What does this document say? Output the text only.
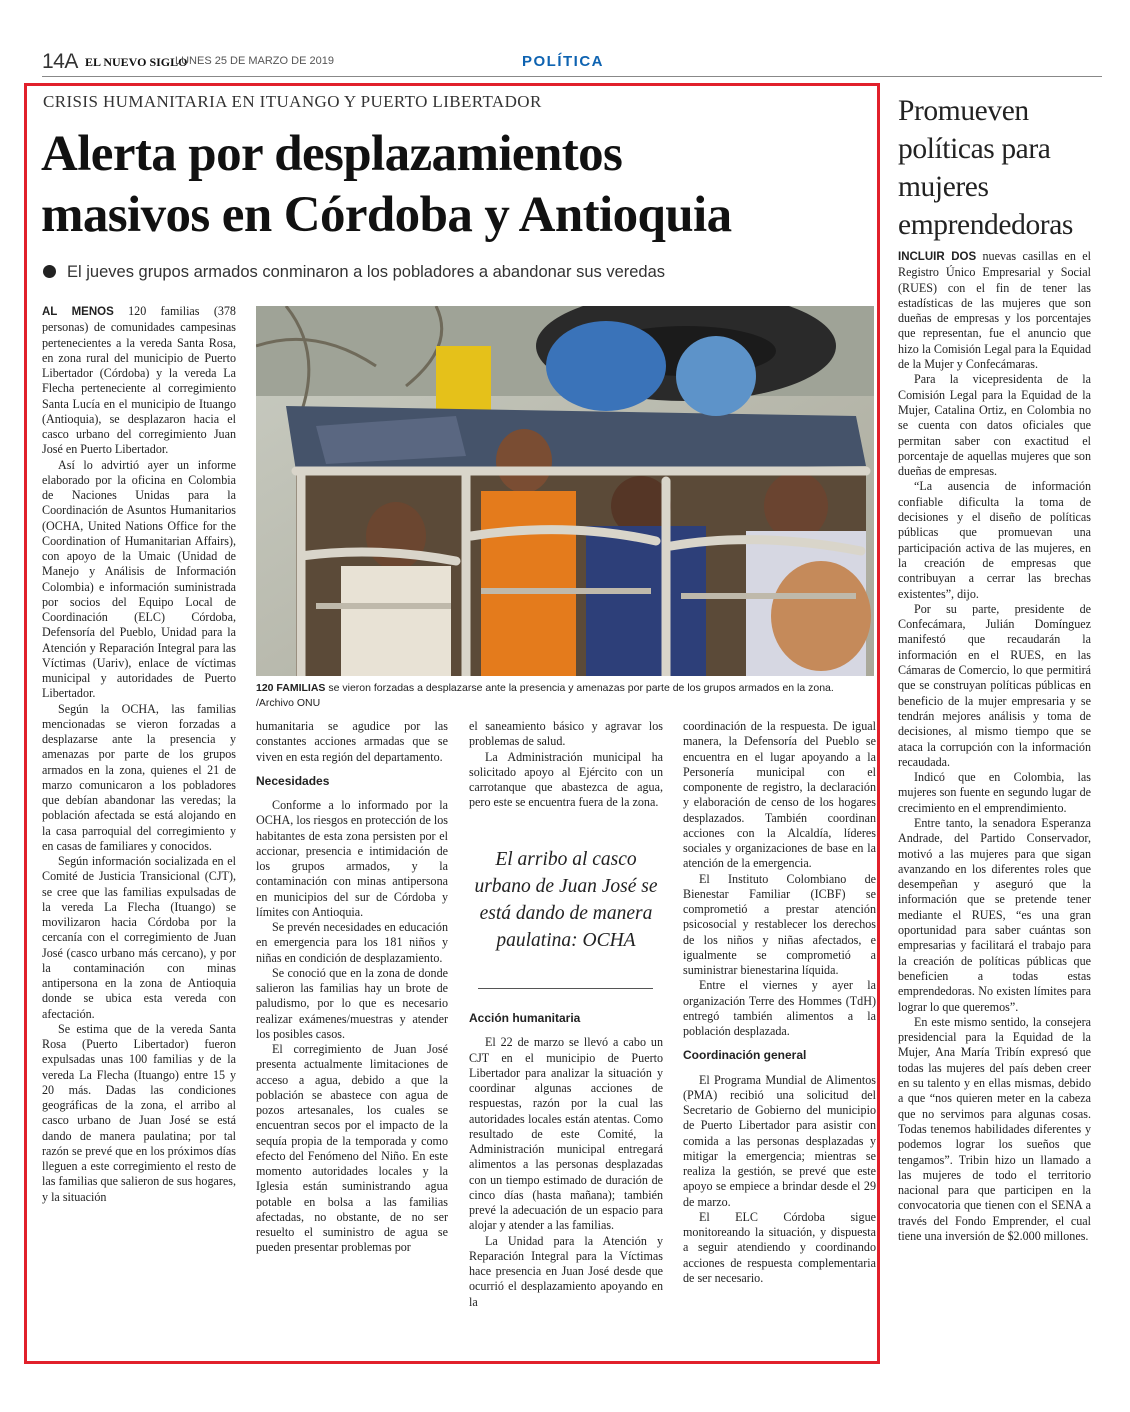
14A EL NUEVO SIGLO
LUNES 25 DE MARZO DE 2019	POLÍTICA
CRISIS HUMANITARIA EN ITUANGO Y PUERTO LIBERTADOR
Alerta por desplazamientos
masivos en Córdoba y Antioquia
El jueves grupos armados conminaron a los pobladores a abandonar sus veredas

AL MENOS 120 familias (378 personas) de comunidades campesinas pertenecientes a la vereda Santa Rosa, en zona rural del municipio de Puerto Libertador (Córdoba) y la vereda La Flecha perteneciente al corregimiento Santa Lucía en el municipio de Ituango (Antioquia), se desplazaron hacia el casco urbano del corregimiento Juan José en Puerto Libertador.

Así lo advirtió ayer un informe elaborado por la oficina en Colombia de Naciones Unidas para la Coordinación de Asuntos Humanitarios (OCHA, United Nations Office for the Coordination of Humanitarian Affairs), con apoyo de la Umaic (Unidad de Manejo y Análisis de Información Colombia) e información suministrada por socios del Equipo Local de Coordinación (ELC) Córdoba, Defensoría del Pueblo, Unidad para la Atención y Reparación Integral para las Víctimas (Uariv), enlace de víctimas municipal y autoridades de Puerto Libertador.

Según la OCHA, las familias mencionadas se vieron forzadas a desplazarse ante la presencia y amenazas por parte de los grupos armados en la zona, quienes el 21 de marzo comunicaron a los pobladores que debían abandonar las veredas; la población afectada se está alojando en la casa parroquial del corregimiento y en casas de familiares y conocidos.

Según información socializada en el Comité de Justicia Transicional (CJT), se cree que las familias expulsadas de la vereda La Flecha (Ituango) se movilizaron hacia Córdoba por la cercanía con el corregimiento de Juan José (casco urbano más cercano), y por la contaminación con minas antipersona en la zona de Antioquia donde se ubica esta vereda con afectación.

Se estima que de la vereda Santa Rosa (Puerto Libertador) fueron expulsadas unas 100 familias y de la vereda La Flecha (Ituango) entre 15 y 20 más. Dadas las condiciones geográficas de la zona, el arribo al casco urbano de Juan José se está dando de manera paulatina; por tal razón se prevé que en los próximos días lleguen a este corregimiento el resto de las familias que salieron de sus hogares, y la situación

120 FAMILIAS se vieron forzadas a desplazarse ante la presencia y amenazas por parte de los grupos armados en la zona. /Archivo ONU

humanitaria se agudice por las constantes acciones armadas que se viven en esta región del departamento.

Necesidades

Conforme a lo informado por la OCHA, los riesgos en protección de los habitantes de esta zona persisten por el accionar, presencia e intimidación de los grupos armados, y la contaminación con minas antipersona en municipios del sur de Córdoba y límites con Antioquia.

Se prevén necesidades en educación en emergencia para los 181 niños y niñas en condición de desplazamiento.

Se conoció que en la zona de donde salieron las familias hay un brote de paludismo, por lo que es necesario realizar exámenes/muestras y atender los posibles casos.

El corregimiento de Juan José presenta actualmente limitaciones de acceso a agua, debido a que la población se abastece con agua de pozos artesanales, los cuales se encuentran secos por el impacto de la sequía propia de la temporada y como efecto del Fenómeno del Niño. En este momento autoridades locales y la Iglesia están suministrando agua potable en bolsa a las familias afectadas, no obstante, de no ser resuelto el suministro de agua se pueden presentar problemas por

el saneamiento básico y agravar los problemas de salud.

La Administración municipal ha solicitado apoyo al Ejército con un carrotanque que abastezca de agua, pero este se encuentra fuera de la zona.

El arribo al casco urbano de Juan José se está dando de manera paulatina: OCHA
Acción humanitaria

El 22 de marzo se llevó a cabo un CJT en el municipio de Puerto Libertador para analizar la situación y coordinar algunas acciones de respuestas, razón por la cual las autoridades locales están atentas. Como resultado de este Comité, la Administración municipal entregará alimentos a las personas desplazadas con un tiempo estimado de duración de cinco días (hasta mañana); también prevé la adecuación de un espacio para alojar y atender a las familias.

La Unidad para la Atención y Reparación Integral para la Víctimas hace presencia en Juan José desde que ocurrió el desplazamiento apoyando en la

coordinación de la respuesta. De igual manera, la Defensoría del Pueblo se encuentra en el lugar apoyando a la Personería municipal con el componente de registro, la declaración y elaboración de censo de los hogares desplazados. También coordinan acciones con la Alcaldía, líderes sociales y organizaciones de base en la atención de la emergencia.

El Instituto Colombiano de Bienestar Familiar (ICBF) se comprometió a prestar atención psicosocial y restablecer los derechos de los niños y niñas afectados, e igualmente se comprometió a suministrar bienestarina líquida.

Entre el viernes y ayer la organización Terre des Hommes (TdH) entregó también alimentos a la población desplazada.

Coordinación general

El Programa Mundial de Alimentos (PMA) recibió una solicitud del Secretario de Gobierno del municipio de Puerto Libertador para asistir con comida a las personas desplazadas y mitigar la emergencia; mientras se realiza la gestión, se prevé que este apoyo se empiece a brindar desde el 29 de marzo.

El ELC Córdoba sigue monitoreando la situación, y dispuesta a seguir atendiendo y coordinando acciones de respuesta complementaria de ser necesario.

Promueven políticas para mujeres emprendedoras

INCLUIR DOS nuevas casillas en el Registro Único Empresarial y Social (RUES) con el fin de tener las estadísticas de las mujeres que son dueñas de empresas y los porcentajes que representan, fue el anuncio que hizo la Comisión Legal para la Equidad de la Mujer y Confecámaras.

Para la vicepresidenta de la Comisión Legal para la Equidad de la Mujer, Catalina Ortiz, en Colombia no se cuenta con datos oficiales que permitan saber con exactitud el porcentaje de aquellas mujeres que son dueñas de empresas.

“La ausencia de información confiable dificulta la toma de decisiones y el diseño de políticas públicas que promuevan una participación activa de las mujeres, en la creación de empresas que contribuyan a cerrar las brechas existentes”, dijo.

Por su parte, presidente de Confecámara, Julián Domínguez manifestó que recaudarán la información en el RUES, en las Cámaras de Comercio, lo que permitirá que se construyan políticas públicas en beneficio de la mujer empresaria y se tendrán mejores análisis y toma de decisiones, al mismo tiempo que se ataca la corrupción con la información recaudada.

Indicó que en Colombia, las mujeres son fuente en segundo lugar de crecimiento en el emprendimiento.

Entre tanto, la senadora Esperanza Andrade, del Partido Conservador, motivó a las mujeres para que sigan avanzando en los diferentes roles que desempeñan y aseguró que la información que se pretende tener mediante el RUES, “es una gran oportunidad para saber cuántas son empresarias y facilitará el trabajo para la creación de políticas públicas que beneficien a todas estas emprendedoras. No existen límites para lograr lo que queremos”.

En este mismo sentido, la consejera presidencial para la Equidad de la Mujer, Ana María Tribín expresó que todas las mujeres del país deben creer en su talento y en ellas mismas, debido a que “nos quieren meter en la cabeza que no servimos para algunas cosas. Todas tenemos habilidades diferentes y podemos lograr los sueños que tengamos”. Tribin hizo un llamado a las mujeres de todo el territorio nacional para que participen en la convocatoria que tienen con el SENA a través del Fondo Emprender, el cual tiene una inversión de $2.000 millones.
